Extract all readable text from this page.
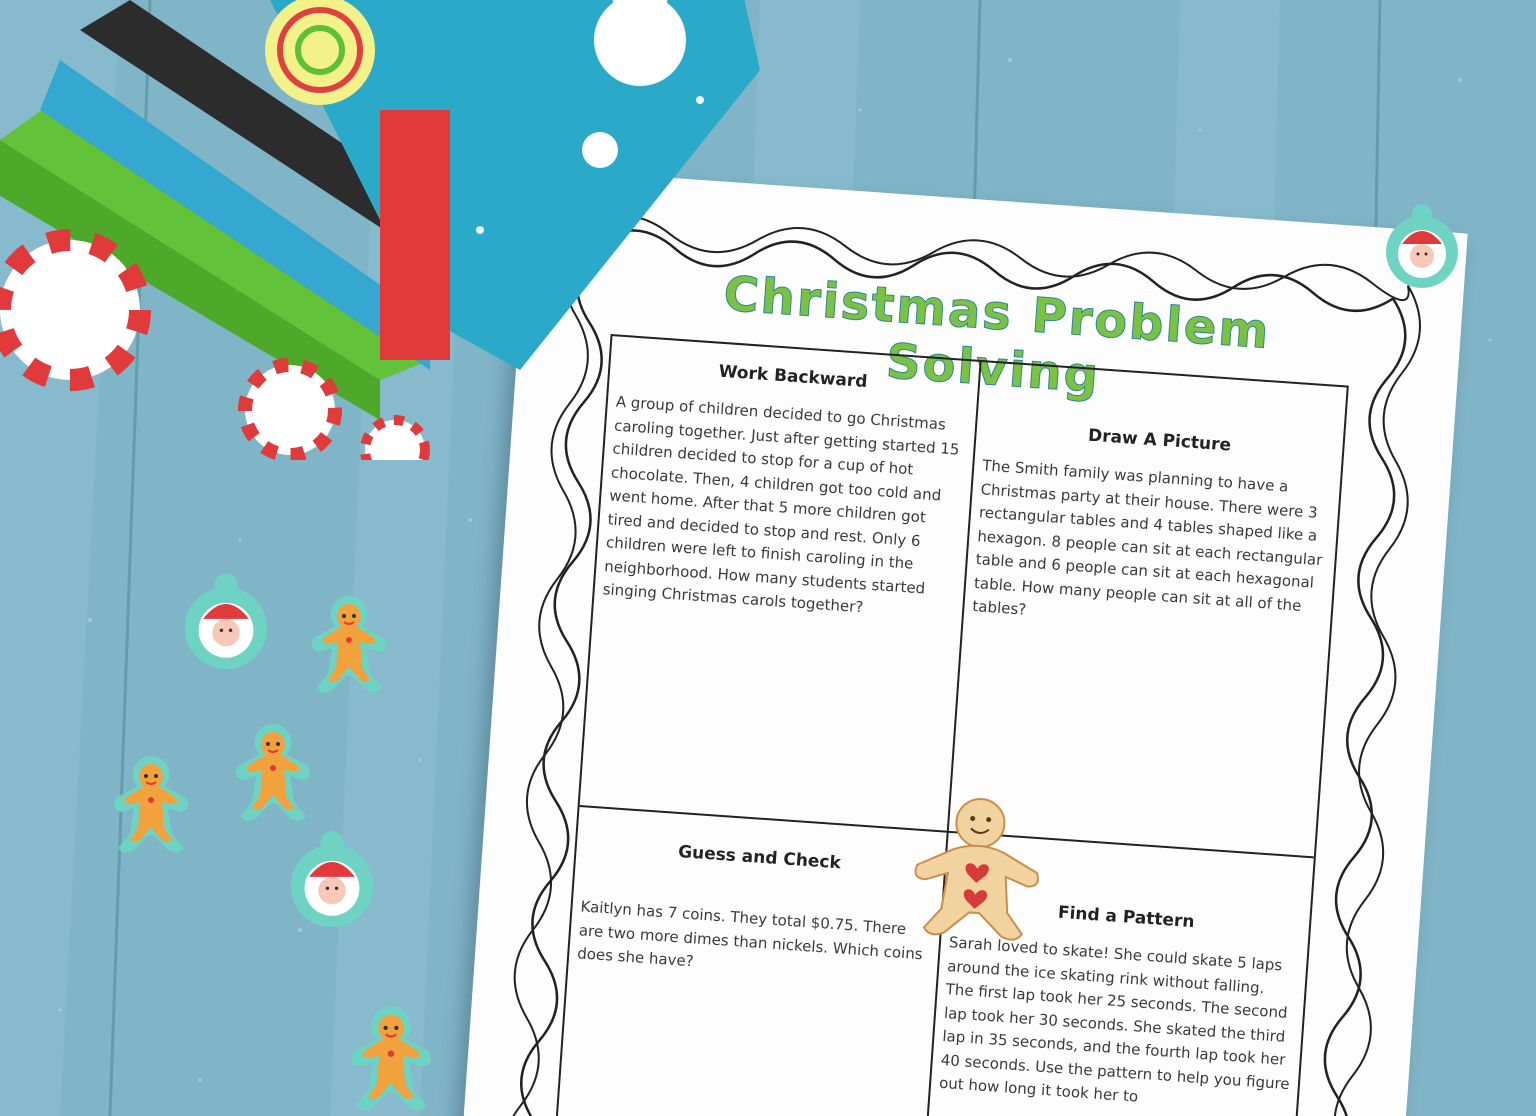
Christmas Problem Solving
Work Backward

A group of children decided to go Christmas caroling together. Just after getting started 15 children decided to stop for a cup of hot chocolate. Then, 4 children got too cold and went home. After that 5 more children got tired and decided to stop and rest. Only 6 children were left to finish caroling in the neighborhood. How many students started singing Christmas carols together?

Draw A Picture

The Smith family was planning to have a Christmas party at their house. There were 3 rectangular tables and 4 tables shaped like a hexagon. 8 people can sit at each rectangular table and 6 people can sit at each hexagonal table. How many people can sit at all of the tables?

Guess and Check

Kaitlyn has 7 coins. They total $0.75. There are two more dimes than nickels. Which coins does she have?

Find a Pattern

Sarah loved to skate! She could skate 5 laps around the ice skating rink without falling. The first lap took her 25 seconds. The second lap took her 30 seconds. She skated the third lap in 35 seconds, and the fourth lap took her 40 seconds. Use the pattern to help you figure out how long it took her to
